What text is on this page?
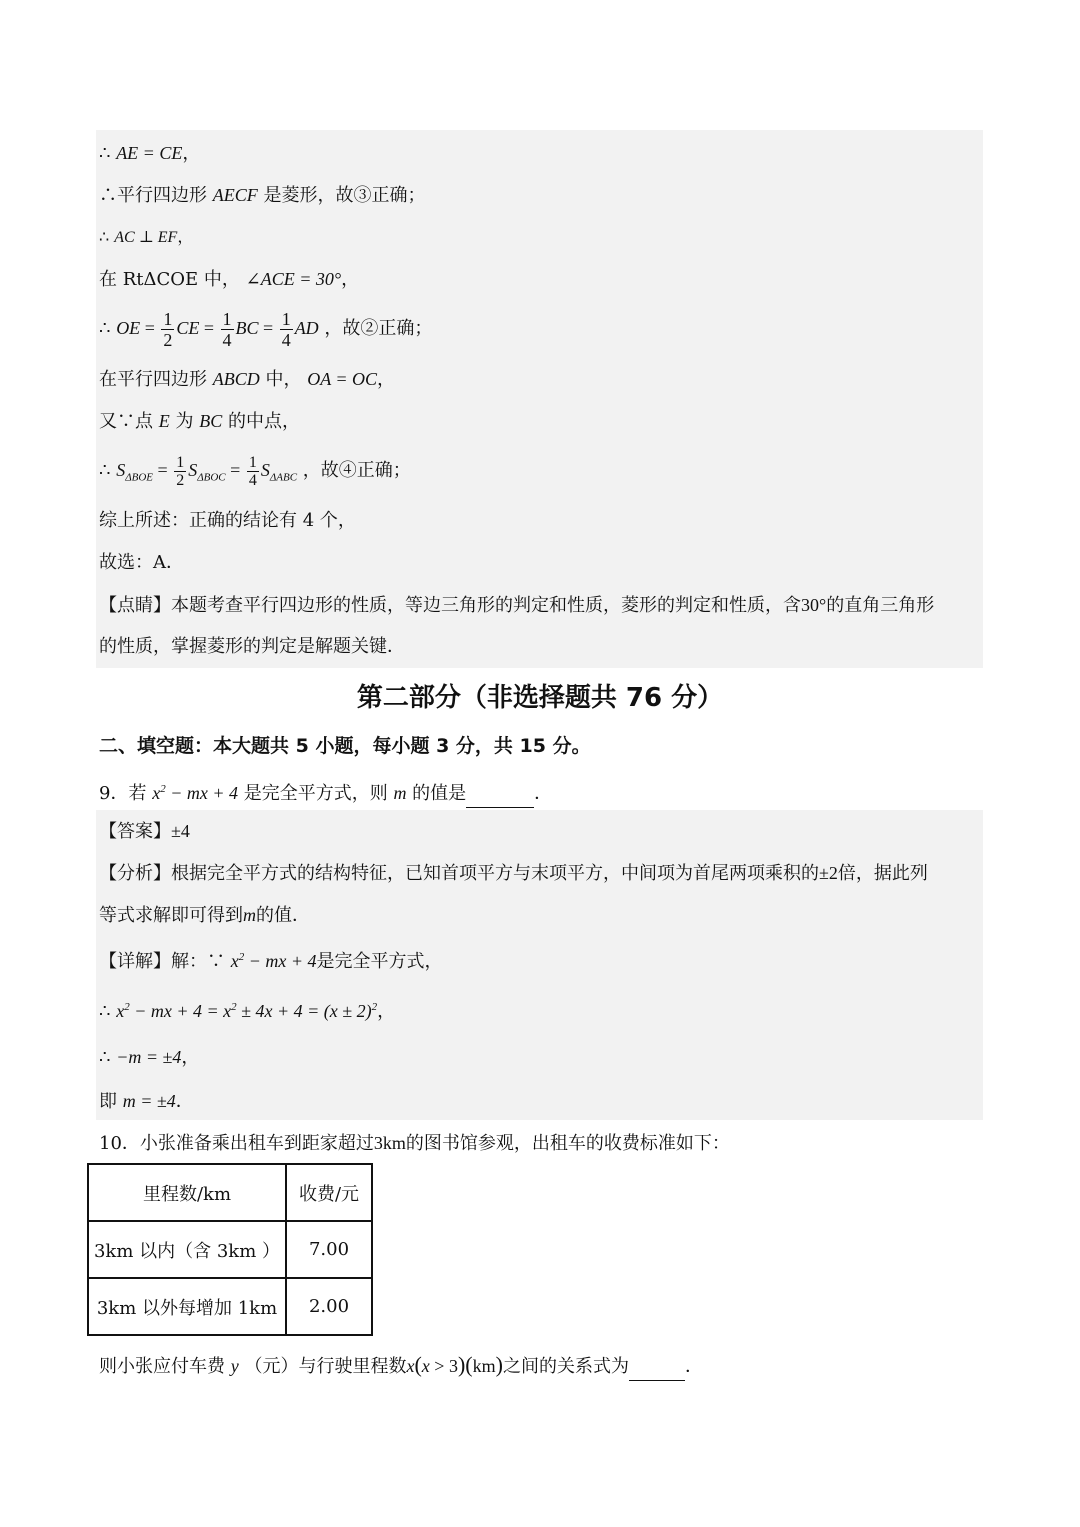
∴ AE = CE，
∴平行四边形 AECF 是菱形，故③正确；
∴ AC ⊥ EF，
在 RtΔCOE 中， ∠ACE = 30°，
∴ OE = $\frac{1}{2}$ CE = $\frac{1}{4}$ BC = $\frac{1}{4}$ AD ，故②正确；
在平行四边形 ABCD 中， OA = OC，
又∵点 E 为 BC 的中点，
∴ $S_{\Delta BOE} = \frac{1}{2} S_{\Delta BOC} = \frac{1}{4} S_{\Delta ABC}$ ，故④正确；
综上所述：正确的结论有 4 个，
故选：A．
【点睛】本题考查平行四边形的性质，等边三角形的判定和性质，菱形的判定和性质，含30°的直角三角形
的性质，掌握菱形的判定是解题关键．
第二部分（非选择题共 76 分）
二、填空题：本大题共 5 小题，每小题 3 分，共 15 分。
9．若 $x^2$ − mx + 4 是完全平方式，则 m 的值是	．
【答案】±4
【分析】根据完全平方式的结构特征，已知首项平方与末项平方，中间项为首尾两项乘积的±2倍，据此列
等式求解即可得到m的值．
【详解】解：∵ $x^2$ − mx + 4是完全平方式，
∴ $x^2$ − mx + $4 = x^2 \pm 4x + 4 = (x \pm 2)^2$，
∴ −m = ±4，
即 m = ±4．
10．小张准备乘出租车到距家超过3km的图书馆参观，出租车的收费标准如下：
里程数/km	收费/元
3km 以内（含 3km ）	7.00
3km 以外每增加 1km	2.00
则小张应付车费 y （元）与行驶里程数x(x > 3)(km)之间的关系式为	．
